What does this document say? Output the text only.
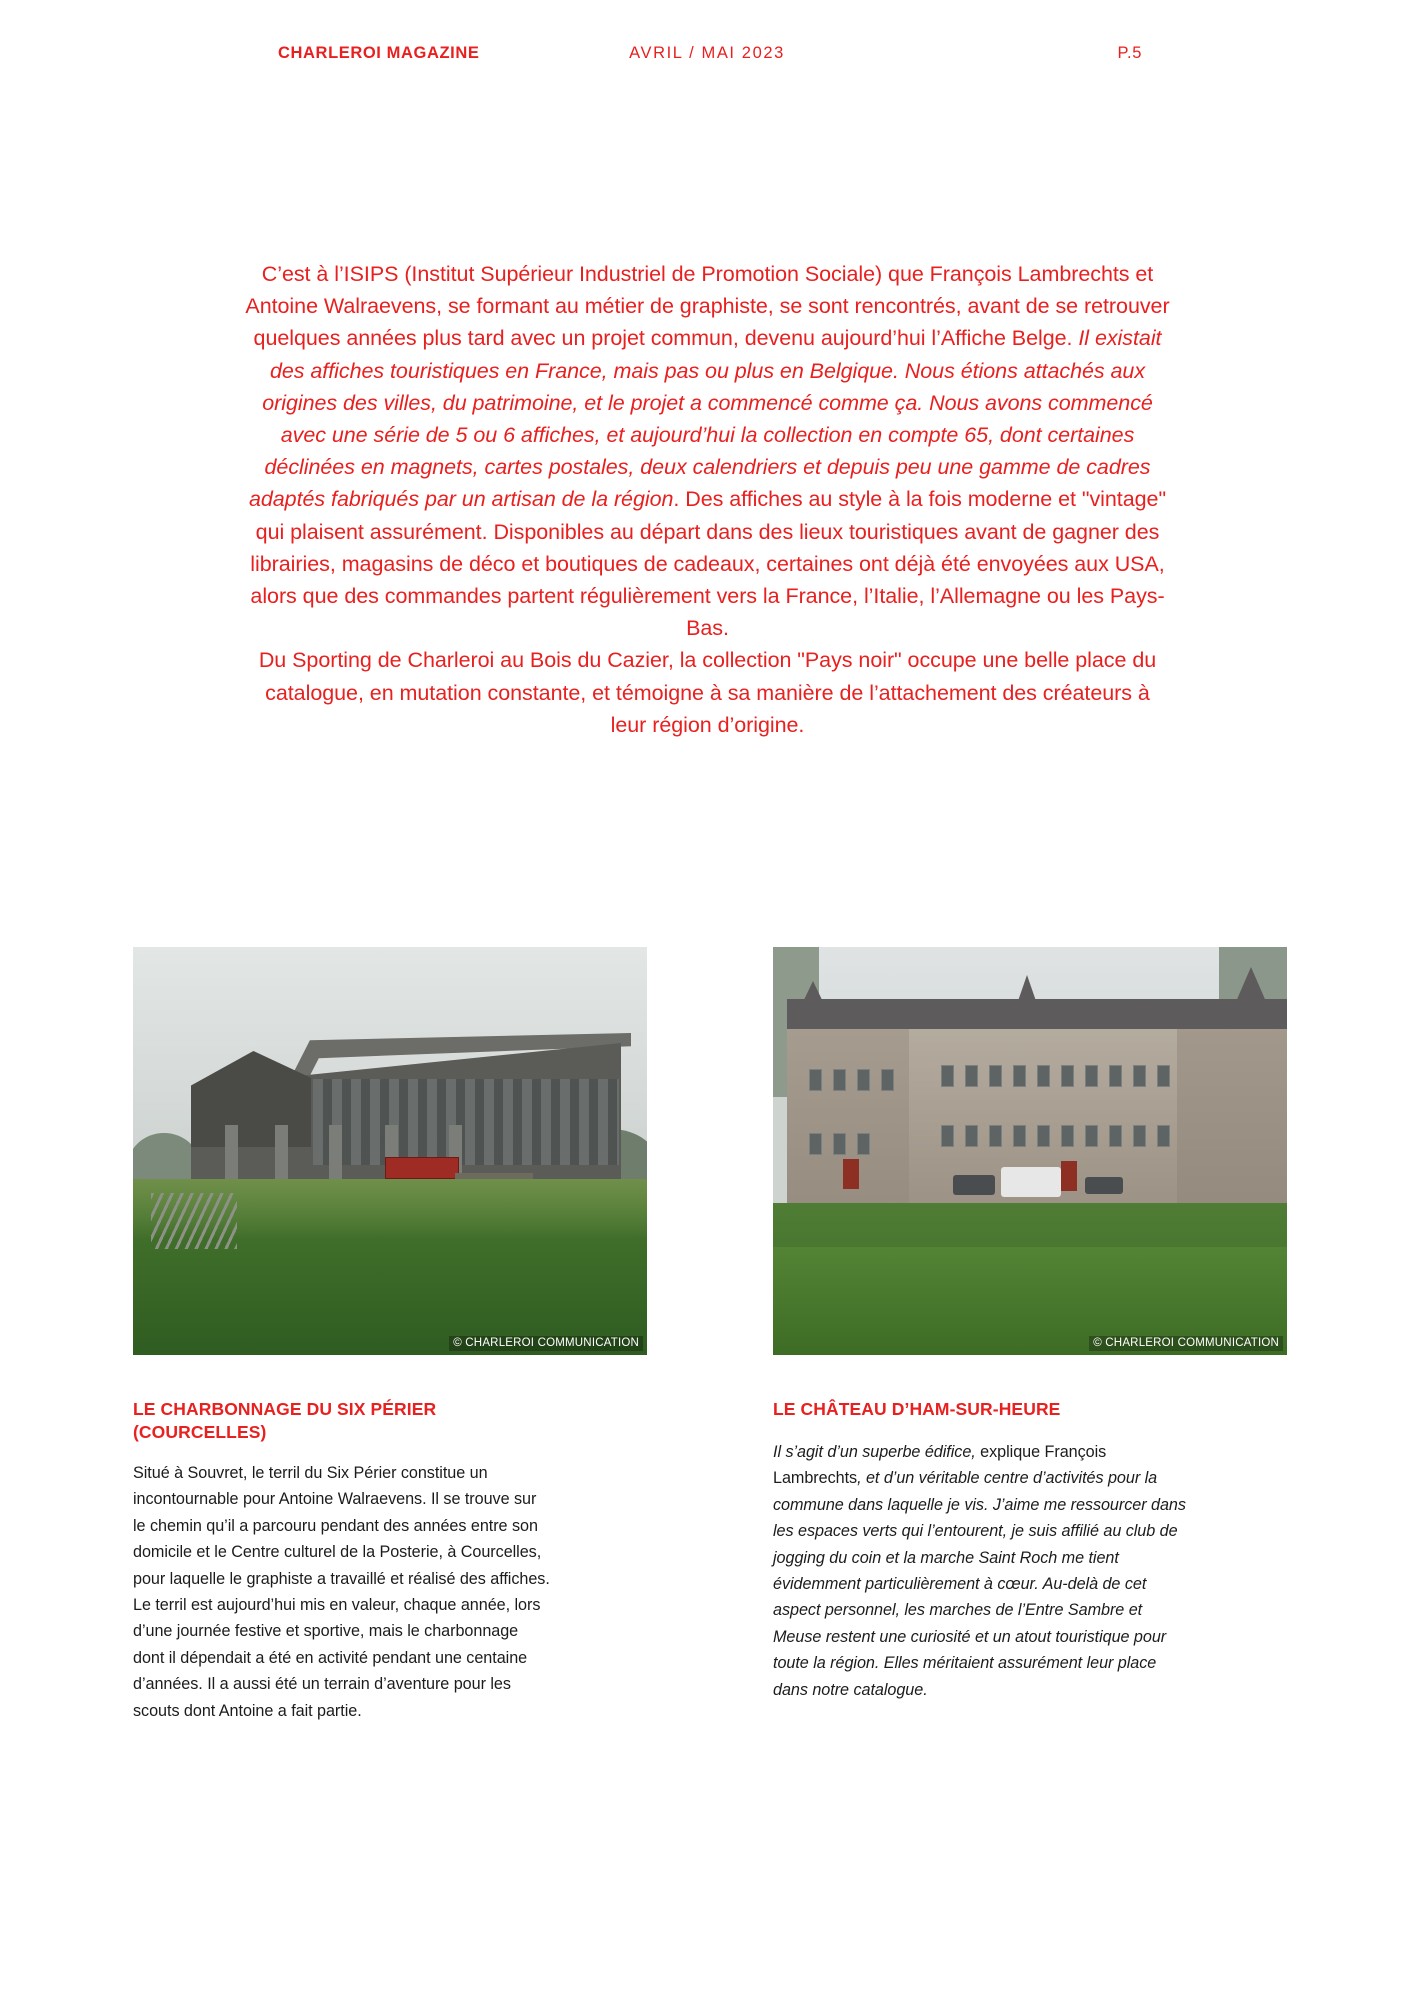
CHARLEROI MAGAZINE	AVRIL / MAI 2023	P.5
C’est à l’ISIPS (Institut Supérieur Industriel de Promotion Sociale) que François Lambrechts et Antoine Walraevens, se formant au métier de graphiste, se sont rencontrés, avant de se retrouver quelques années plus tard avec un projet commun, devenu aujourd’hui l’Affiche Belge. Il existait des affiches touristiques en France, mais pas ou plus en Belgique. Nous étions attachés aux origines des villes, du patrimoine, et le projet a commencé comme ça. Nous avons commencé avec une série de 5 ou 6 affiches, et aujourd’hui la collection en compte 65, dont certaines déclinées en magnets, cartes postales, deux calendriers et depuis peu une gamme de cadres adaptés fabriqués par un artisan de la région. Des affiches au style à la fois moderne et "vintage" qui plaisent assurément. Disponibles au départ dans des lieux touristiques avant de gagner des librairies, magasins de déco et boutiques de cadeaux, certaines ont déjà été envoyées aux USA, alors que des commandes partent régulièrement vers la France, l’Italie, l’Allemagne ou les Pays-Bas.
Du Sporting de Charleroi au Bois du Cazier, la collection "Pays noir" occupe une belle place du catalogue, en mutation constante, et témoigne à sa manière de l’attachement des créateurs à leur région d’origine.
© CHARLEROI COMMUNICATION	© CHARLEROI COMMUNICATION
LE CHARBONNAGE DU SIX PÉRIER (COURCELLES)
Situé à Souvret, le terril du Six Périer constitue un incontournable pour Antoine Walraevens. Il se trouve sur le chemin qu’il a parcouru pendant des années entre son domicile et le Centre culturel de la Posterie, à Courcelles, pour laquelle le graphiste a travaillé et réalisé des affiches. Le terril est aujourd’hui mis en valeur, chaque année, lors d’une journée festive et sportive, mais le charbonnage dont il dépendait a été en activité pendant une centaine d’années. Il a aussi été un terrain d’aventure pour les scouts dont Antoine a fait partie.
LE CHÂTEAU D’HAM-SUR-HEURE
Il s’agit d’un superbe édifice, explique François Lambrechts, et d’un véritable centre d’activités pour la commune dans laquelle je vis. J’aime me ressourcer dans les espaces verts qui l’entourent, je suis affilié au club de jogging du coin et la marche Saint Roch me tient évidemment particulièrement à cœur. Au-delà de cet aspect personnel, les marches de l’Entre Sambre et Meuse restent une curiosité et un atout touristique pour toute la région. Elles méritaient assurément leur place dans notre catalogue.
